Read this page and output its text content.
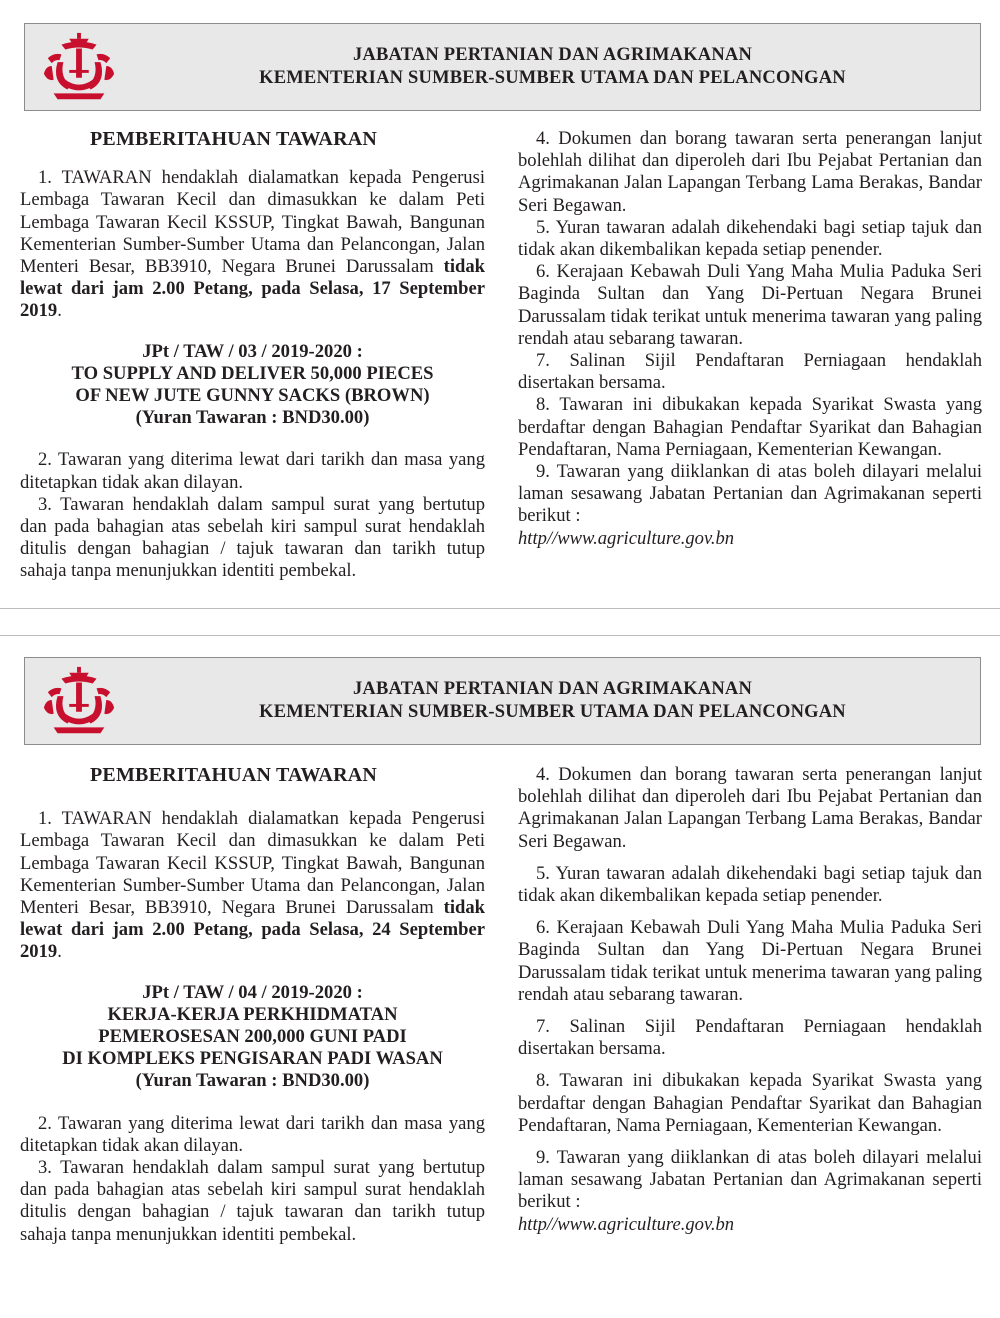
JABATAN PERTANIAN DAN AGRIMAKANAN
KEMENTERIAN SUMBER-SUMBER UTAMA DAN PELANCONGAN
PEMBERITAHUAN TAWARAN

1. TAWARAN hendaklah dialamatkan kepada Pengerusi Lembaga Tawaran Kecil dan dimasukkan ke dalam Peti Lembaga Tawaran Kecil KSSUP, Tingkat Bawah, Bangunan Kementerian Sumber-Sumber Utama dan Pelancongan, Jalan Menteri Besar, BB3910, Negara Brunei Darussalam tidak lewat dari jam 2.00 Petang, pada Selasa, 17 September 2019.

JPt / TAW / 03 / 2019-2020 :

TO SUPPLY AND DELIVER 50,000 PIECES

OF NEW JUTE GUNNY SACKS (BROWN)

(Yuran Tawaran : BND30.00)

2. Tawaran yang diterima lewat dari tarikh dan masa yang ditetapkan tidak akan dilayan.

3. Tawaran hendaklah dalam sampul surat yang bertutup dan pada bahagian atas sebelah kiri sampul surat hendaklah ditulis dengan bahagian / tajuk tawaran dan tarikh tutup sahaja tanpa menunjukkan identiti pembekal.

4. Dokumen dan borang tawaran serta penerangan lanjut bolehlah dilihat dan diperoleh dari Ibu Pejabat Pertanian dan Agrimakanan Jalan Lapangan Terbang Lama Berakas, Bandar Seri Begawan.

5. Yuran tawaran adalah dikehendaki bagi setiap tajuk dan tidak akan dikembalikan kepada setiap penender.

6. Kerajaan Kebawah Duli Yang Maha Mulia Paduka Seri Baginda Sultan dan Yang Di-Pertuan Negara Brunei Darussalam tidak terikat untuk menerima tawaran yang paling rendah atau sebarang tawaran.

7. Salinan Sijil Pendaftaran Perniagaan hendaklah disertakan bersama.

8. Tawaran ini dibukakan kepada Syarikat Swasta yang berdaftar dengan Bahagian Pendaftar Syarikat dan Bahagian Pendaftaran, Nama Perniagaan, Kementerian Kewangan.

9. Tawaran yang diiklankan di atas boleh dilayari melalui laman sesawang Jabatan Pertanian dan Agrimakanan seperti berikut :

http//www.agriculture.gov.bn

JABATAN PERTANIAN DAN AGRIMAKANAN
KEMENTERIAN SUMBER-SUMBER UTAMA DAN PELANCONGAN
PEMBERITAHUAN TAWARAN

1. TAWARAN hendaklah dialamatkan kepada Pengerusi Lembaga Tawaran Kecil dan dimasukkan ke dalam Peti Lembaga Tawaran Kecil KSSUP, Tingkat Bawah, Bangunan Kementerian Sumber-Sumber Utama dan Pelancongan, Jalan Menteri Besar, BB3910, Negara Brunei Darussalam tidak lewat dari jam 2.00 Petang, pada Selasa, 24 September 2019.

JPt / TAW / 04 / 2019-2020 :

KERJA-KERJA PERKHIDMATAN

PEMEROSESAN 200,000 GUNI PADI

DI KOMPLEKS PENGISARAN PADI WASAN

(Yuran Tawaran : BND30.00)

2. Tawaran yang diterima lewat dari tarikh dan masa yang ditetapkan tidak akan dilayan.

3. Tawaran hendaklah dalam sampul surat yang bertutup dan pada bahagian atas sebelah kiri sampul surat hendaklah ditulis dengan bahagian / tajuk tawaran dan tarikh tutup sahaja tanpa menunjukkan identiti pembekal.

4. Dokumen dan borang tawaran serta penerangan lanjut bolehlah dilihat dan diperoleh dari Ibu Pejabat Pertanian dan Agrimakanan Jalan Lapangan Terbang Lama Berakas, Bandar Seri Begawan.

5. Yuran tawaran adalah dikehendaki bagi setiap tajuk dan tidak akan dikembalikan kepada setiap penender.

6. Kerajaan Kebawah Duli Yang Maha Mulia Paduka Seri Baginda Sultan dan Yang Di-Pertuan Negara Brunei Darussalam tidak terikat untuk menerima tawaran yang paling rendah atau sebarang tawaran.

7. Salinan Sijil Pendaftaran Perniagaan hendaklah disertakan bersama.

8. Tawaran ini dibukakan kepada Syarikat Swasta yang berdaftar dengan Bahagian Pendaftar Syarikat dan Bahagian Pendaftaran, Nama Perniagaan, Kementerian Kewangan.

9. Tawaran yang diiklankan di atas boleh dilayari melalui laman sesawang Jabatan Pertanian dan Agrimakanan seperti berikut :

http//www.agriculture.gov.bn
